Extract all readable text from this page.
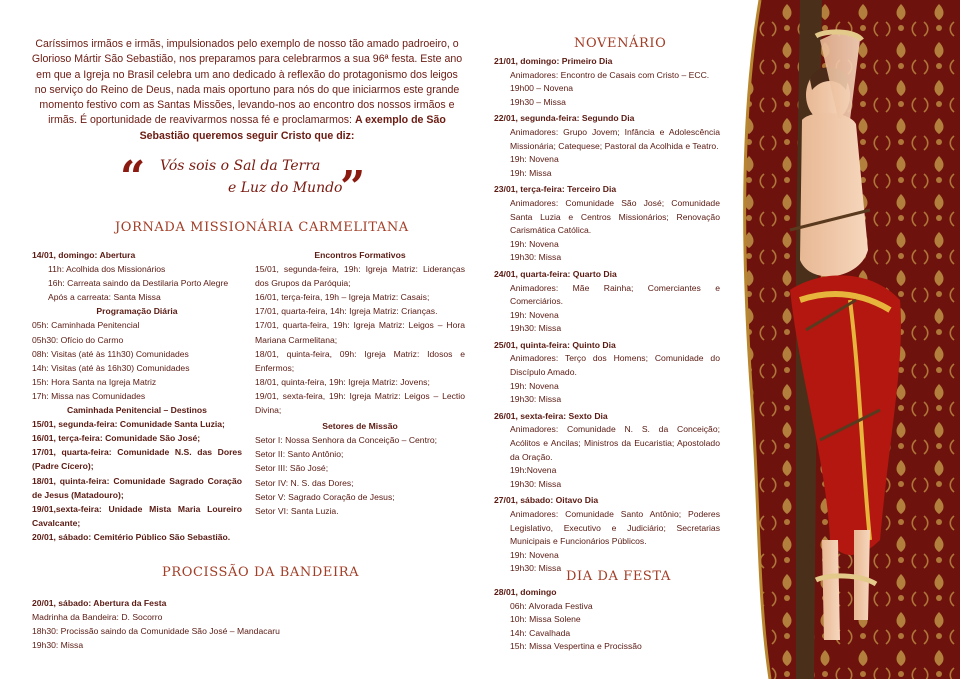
Caríssimos irmãos e irmãs, impulsionados pelo exemplo de nosso tão amado padroeiro, o Glorioso Mártir São Sebastião, nos preparamos para celebrarmos a sua 96ª festa. Este ano em que a Igreja no Brasil celebra um ano dedicado à reflexão do protagonismo dos leigos no serviço do Reino de Deus, nada mais oportuno para nós do que iniciarmos este grande momento festivo com as Santas Missões, levando-nos ao encontro dos nossos irmãos e irmãs. É oportunidade de reavivarmos nossa fé e proclamarmos: A exemplo de São Sebastião queremos seguir Cristo que diz:
“ Vós sois o Sal da Terra
e Luz do Mundo
”
JORNADA MISSIONÁRIA CARMELITANA
14/01, domingo: Abertura
11h: Acolhida dos Missionários
16h: Carreata saindo da Destilaria Porto Alegre
Após a carreata: Santa Missa
Programação Diária
05h: Caminhada Penitencial
05h30: Ofício do Carmo
08h: Visitas (até às 11h30) Comunidades
14h: Visitas (até às 16h30) Comunidades
15h: Hora Santa na Igreja Matriz
17h: Missa nas Comunidades
Caminhada Penitencial – Destinos
15/01, segunda-feira: Comunidade Santa Luzia;
16/01, terça-feira: Comunidade São José;
17/01, quarta-feira: Comunidade N.S. das Dores (Padre Cícero);
18/01, quinta-feira: Comunidade Sagrado Coração de Jesus (Matadouro);
19/01,sexta-feira: Unidade Mista Maria Loureiro Cavalcante;
20/01, sábado: Cemitério Público São Sebastião.
Encontros Formativos
15/01, segunda-feira, 19h: Igreja Matriz: Lideranças dos Grupos da Paróquia;
16/01, terça-feira, 19h – Igreja Matriz: Casais;
17/01, quarta-feira, 14h: Igreja Matriz: Crianças.
17/01, quarta-feira, 19h: Igreja Matriz: Leigos – Hora Mariana Carmelitana;
18/01, quinta-feira, 09h: Igreja Matriz: Idosos e Enfermos;
18/01, quinta-feira, 19h: Igreja Matriz: Jovens;
19/01, sexta-feira, 19h: Igreja Matriz: Leigos – Lectio Divina;
Setores de Missão
Setor I: Nossa Senhora da Conceição – Centro;
Setor II: Santo Antônio;
Setor III: São José;
Setor IV: N. S. das Dores;
Setor V: Sagrado Coração de Jesus;
Setor VI: Santa Luzia.
PROCISSÃO DA BANDEIRA
20/01, sábado: Abertura da Festa
Madrinha da Bandeira: D. Socorro
18h30: Procissão saindo da Comunidade São José – Mandacaru
19h30: Missa
NOVENÁRIO
21/01, domingo: Primeiro Dia
Animadores: Encontro de Casais com Cristo – ECC.
19h00 – Novena
19h30 – Missa
22/01, segunda-feira: Segundo Dia
Animadores: Grupo Jovem; Infância e Adolescência Missionária; Catequese; Pastoral da Acolhida e Teatro.
19h: Novena
19h: Missa
23/01, terça-feira: Terceiro Dia
Animadores: Comunidade São José; Comunidade Santa Luzia e Centros Missionários; Renovação Carismática Católica.
19h: Novena
19h30: Missa
24/01, quarta-feira: Quarto Dia
Animadores: Mãe Rainha; Comerciantes e Comerciários.
19h: Novena
19h30: Missa
25/01, quinta-feira: Quinto Dia
Animadores: Terço dos Homens; Comunidade do Discípulo Amado.
19h: Novena
19h30: Missa
26/01, sexta-feira: Sexto Dia
Animadores: Comunidade N. S. da Conceição; Acólitos e Ancilas; Ministros da Eucaristia; Apostolado da Oração.
19h:Novena
19h30: Missa
27/01, sábado: Oitavo Dia
Animadores: Comunidade Santo Antônio; Poderes Legislativo, Executivo e Judiciário; Secretarias Municipais e Funcionários Públicos.
19h: Novena
19h30: Missa
DIA DA FESTA
28/01, domingo
06h: Alvorada Festiva
10h: Missa Solene
14h: Cavalhada
15h: Missa Vespertina e Procissão
